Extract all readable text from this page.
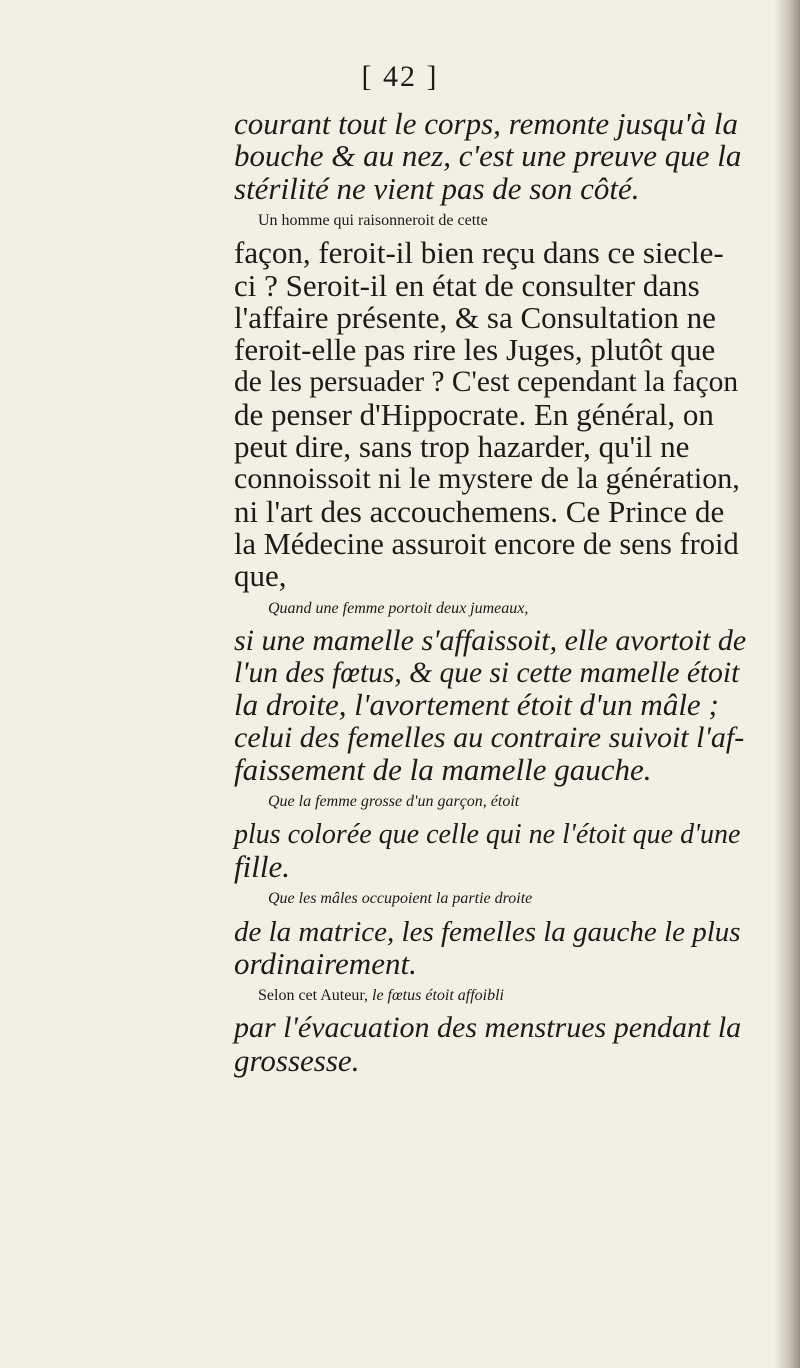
[ 42 ]
courant tout le corps, remonte jusqu'à la
bouche & au nez, c'est une preuve que la
stérilité ne vient pas de son côté.
Un homme qui raisonneroit de cette
façon, feroit-il bien reçu dans ce siecle-
ci ? Seroit-il en état de consulter dans
l'affaire présente, & sa Consultation ne
feroit-elle pas rire les Juges, plutôt que
de les persuader ? C'est cependant la façon
de penser d'Hippocrate. En général, on
peut dire, sans trop hazarder, qu'il ne
connoissoit ni le mystere de la génération,
ni l'art des accouchemens. Ce Prince de
la Médecine assuroit encore de sens froid
que,
Quand une femme portoit deux jumeaux,
si une mamelle s'affaissoit, elle avortoit de
l'un des fœtus, & que si cette mamelle étoit
la droite, l'avortement étoit d'un mâle ;
celui des femelles au contraire suivoit l'af-
faissement de la mamelle gauche.
Que la femme grosse d'un garçon, étoit
plus colorée que celle qui ne l'étoit que d'une
fille.
Que les mâles occupoient la partie droite
de la matrice, les femelles la gauche le plus
ordinairement.
Selon cet Auteur, le fœtus étoit affoibli
par l'évacuation des menstrues pendant la
grossesse.
